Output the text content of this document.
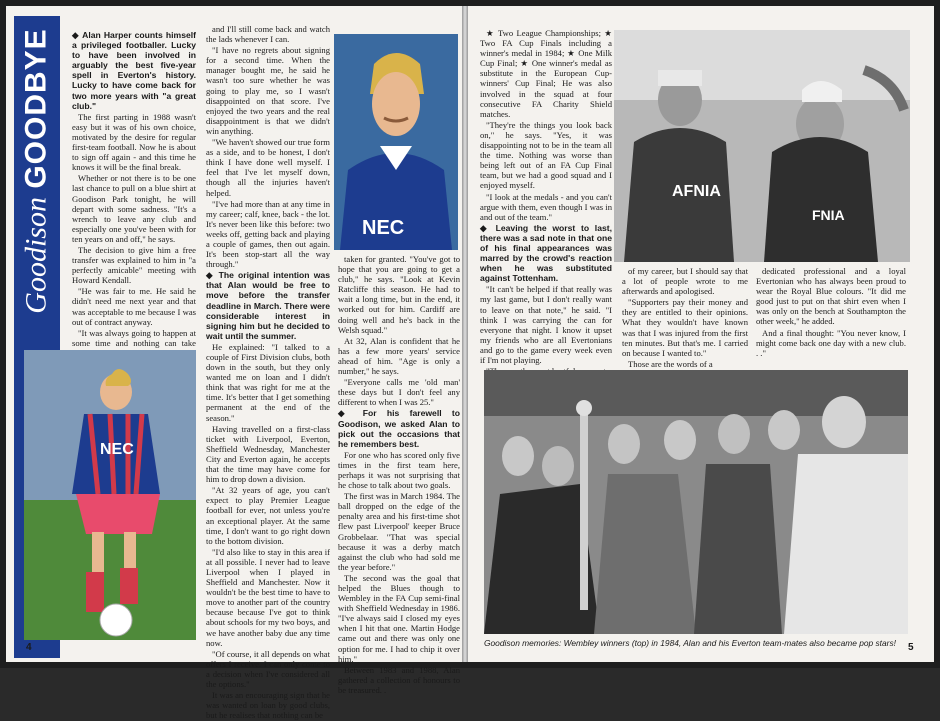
Goodison GOODBYE ◆ Alan Harper counts himself a privileged footballer. Lucky to have been involved in arguably the best five-year spell in Everton's history. Lucky to have come back for two more years with "a great club."

The first parting in 1988 wasn't easy but it was of his own choice, motivated by the desire for regular first-team football. Now he is about to sign off again - and this time he knows it will be the final break.

Whether or not there is to be one last chance to pull on a blue shirt at Goodison Park tonight, he will depart with some sadness. "It's a wrench to leave any club and especially one you've been with for ten years on and off," he says.

The decision to give him a free transfer was explained to him in "a perfectly amicable" meeting with Howard Kendall.

"He was fair to me. He said he didn't need me next year and that was acceptable to me because I was out of contract anyway.

"It was always going to happen at some time and nothing can take

NEC

and I'll still come back and watch the lads whenever I can.

"I have no regrets about signing for a second time. When the manager bought me, he said he wasn't too sure whether he was going to play me, so I wasn't disappointed on that score. I've enjoyed the two years and the real disappointment is that we didn't win anything.

"We haven't showed our true form as a side, and to be honest, I don't think I have done well myself. I feel that I've let myself down, though all the injuries haven't helped.

"I've had more than at any time in my career; calf, knee, back - the lot. It's never been like this before: two weeks off, getting back and playing a couple of games, then out again. It's been stop-start all the way through."

◆ The original intention was that Alan would be free to move before the transfer deadline in March. There were considerable interest in signing him but he decided to wait until the summer.

He explained: "I talked to a couple of First Division clubs, both down in the south, but they only wanted me on loan and I didn't think that was right for me at the time. It's better that I get something permanent at the end of the season."

Having travelled on a first-class ticket with Liverpool, Everton, Sheffield Wednesday, Manchester City and Everton again, he accepts that the time may have come for him to drop down a division.

"At 32 years of age, you can't expect to play Premier League football for ever, not unless you're an exceptional player. At the same time, I don't want to go right down to the bottom division.

"I'd also like to stay in this area if at all possible. I never had to leave Liverpool when I played in Sheffield and Manchester. Now it wouldn't be the best time to have to move to another part of the country because because I've got to think about schools for my two boys, and we have another baby due any time now.

"Of course, it all depends on what offers I receive. I can only come to a decision when I've considered all the options."

It was an encouraging sign that he was wanted on loan by good clubs, but he realises that nothing can be

NEC

taken for granted. "You've got to hope that you are going to get a club," he says. "Look at Kevin Ratcliffe this season. He had to wait a long time, but in the end, it worked out for him. Cardiff are doing well and he's back in the Welsh squad."

At 32, Alan is confident that he has a few more years' service ahead of him. "Age is only a number," he says.

"Everyone calls me 'old man' these days but I don't feel any different to when I was 25."

◆ For his farewell to Goodison, we asked Alan to pick out the occasions that he remembers best.

For one who has scored only five times in the first team here, perhaps it was not surprising that he chose to talk about two goals.

The first was in March 1984. The ball dropped on the edge of the penalty area and his first-time shot flew past Liverpool' keeper Bruce Grobbelaar. "That was special because it was a derby match against the club who had sold me the year before."

The second was the goal that helped the Blues though to Wembley in the FA Cup semi-final with Sheffield Wednesday in 1986. "I've always said I closed my eyes when I hit that one. Martin Hodge came out and there was only one option for me. I had to chip it over him."

Between 1983 and 1988, Alan gathered a collection of honours to be treasured. .

4

★ Two League Championships; ★ Two FA Cup Finals including a winner's medal in 1984; ★ One Milk Cup Final; ★ One winner's medal as substitute in the European Cup-winners' Cup Final; He was also involved in the squad at four consecutive FA Charity Shield matches.

"They're the things you look back on," he says. "Yes, it was disappointing not to be in the team all the time. Nothing was worse than being left out of an FA Cup Final team, but we had a good squad and I enjoyed myself.

"I look at the medals - and you can't argue with them, even though I was in and out of the team."

◆ Leaving the worst to last, there was a sad note in that one of his final appearances was marred by the crowd's reaction when he was substituted against Tottenham.

"It can't be helped if that really was my last game, but I don't really want to leave on that note," he said. "I think I was carrying the can for everyone that night. I know it upset my friends who are all Evertonians and go to the game every week even if I'm not playing.

AFNIA
FNIA

of my career, but I should say that a lot of people wrote to me afterwards and apologised.

"Supporters pay their money and they are entitled to their opinions. What they wouldn't have known was that I was injured from the first ten minutes. But that's me. I carried on because I wanted to."

Those are the words of a

dedicated professional and a loyal Evertonian who has always been proud to wear the Royal Blue colours. "It did me good just to put on that shirt even when I was only on the bench at Southampton the other week," he added.

And a final thought: "You never know, I might come back one day with a new club. . ."

Goodison memories: Wembley winners (top) in 1984, Alan and his Everton team-mates also became pop stars!	5
